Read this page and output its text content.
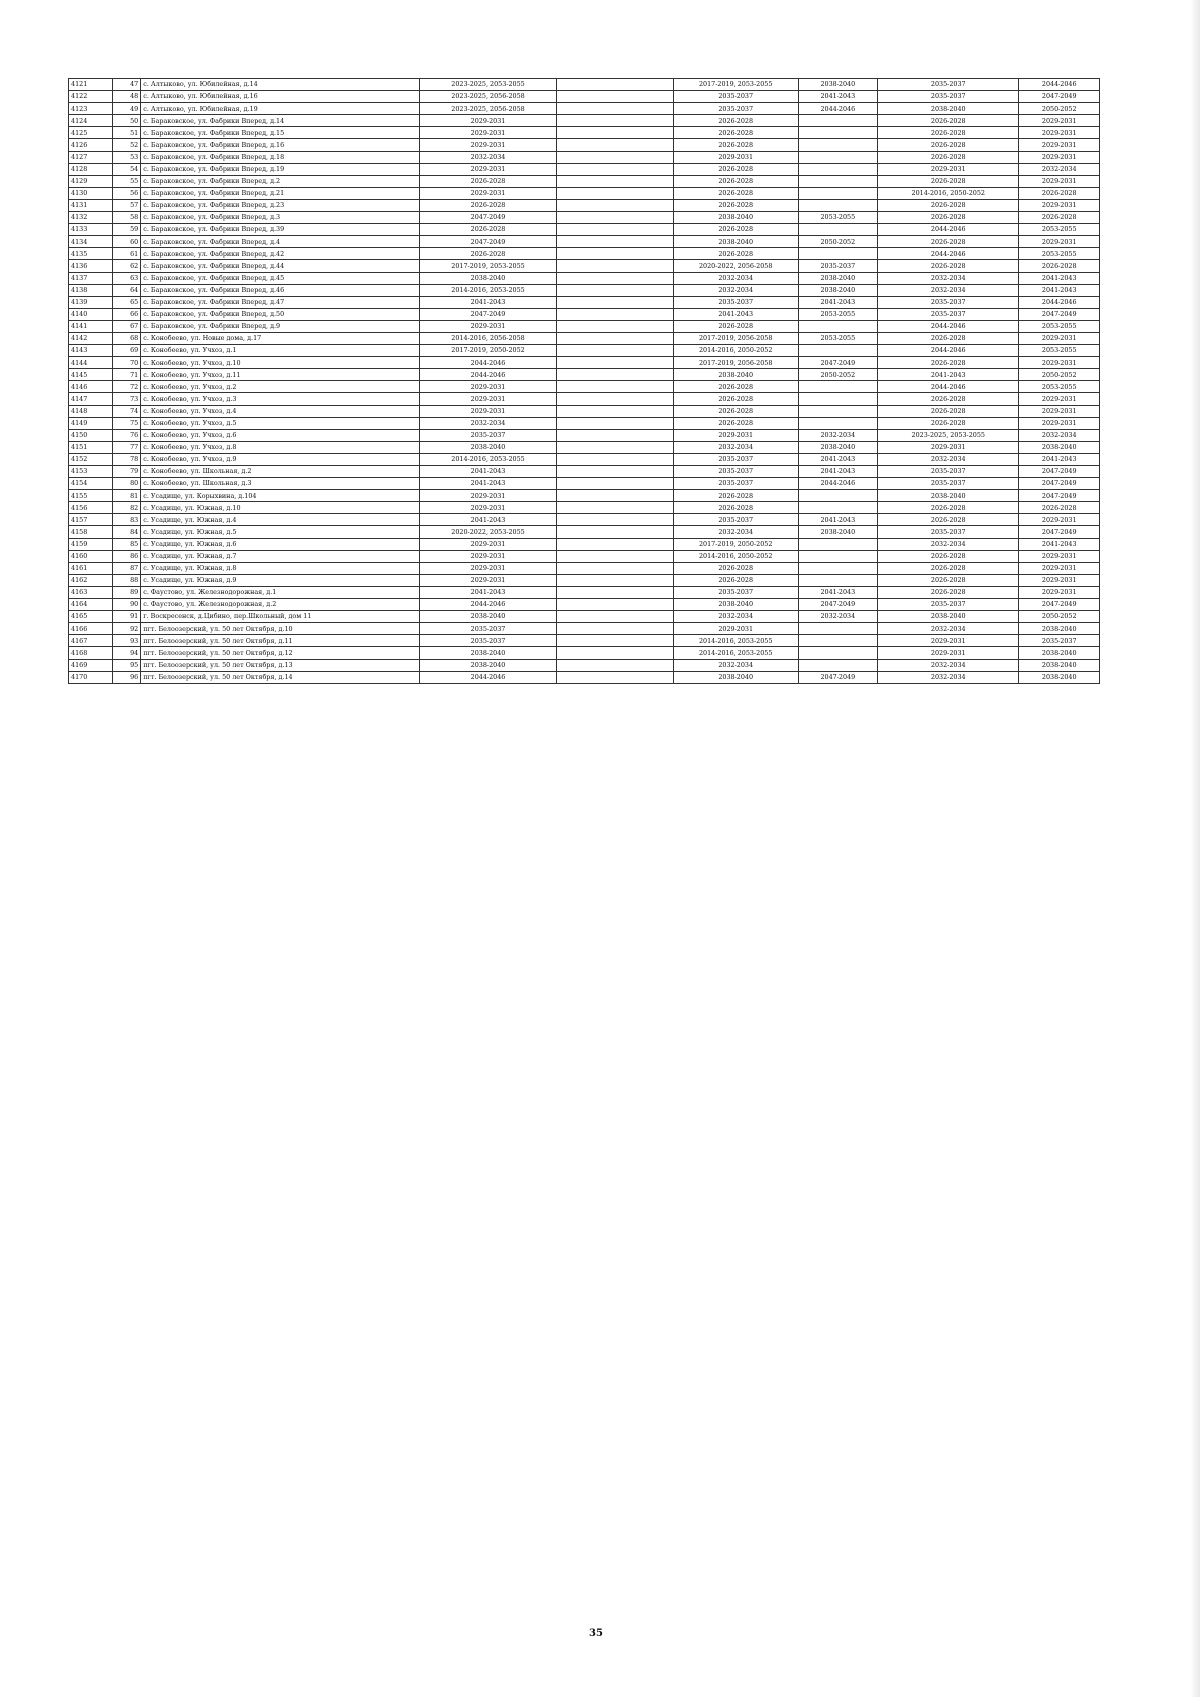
4121	47	с. Алтыково, ул. Юбилейная, д.14	2023-2025, 2053-2055		2017-2019, 2053-2055	2038-2040	2035-2037	2044-2046
4122	48	с. Алтыково, ул. Юбилейная, д.16	2023-2025, 2056-2058		2035-2037	2041-2043	2035-2037	2047-2049
4123	49	с. Алтыково, ул. Юбилейная, д.19	2023-2025, 2056-2058		2035-2037	2044-2046	2038-2040	2050-2052
4124	50	с. Бараковское, ул. Фабрики Вперед, д.14	2029-2031		2026-2028		2026-2028	2029-2031
4125	51	с. Бараковское, ул. Фабрики Вперед, д.15	2029-2031		2026-2028		2026-2028	2029-2031
4126	52	с. Бараковское, ул. Фабрики Вперед, д.16	2029-2031		2026-2028		2026-2028	2029-2031
4127	53	с. Бараковское, ул. Фабрики Вперед, д.18	2032-2034		2029-2031		2026-2028	2029-2031
4128	54	с. Бараковское, ул. Фабрики Вперед, д.19	2029-2031		2026-2028		2029-2031	2032-2034
4129	55	с. Бараковское, ул. Фабрики Вперед, д.2	2026-2028		2026-2028		2026-2028	2029-2031
4130	56	с. Бараковское, ул. Фабрики Вперед, д.21	2029-2031		2026-2028		2014-2016, 2050-2052	2026-2028
4131	57	с. Бараковское, ул. Фабрики Вперед, д.23	2026-2028		2026-2028		2026-2028	2029-2031
4132	58	с. Бараковское, ул. Фабрики Вперед, д.3	2047-2049		2038-2040	2053-2055	2026-2028	2026-2028
4133	59	с. Бараковское, ул. Фабрики Вперед, д.39	2026-2028		2026-2028		2044-2046	2053-2055
4134	60	с. Бараковское, ул. Фабрики Вперед, д.4	2047-2049		2038-2040	2050-2052	2026-2028	2029-2031
4135	61	с. Бараковское, ул. Фабрики Вперед, д.42	2026-2028		2026-2028		2044-2046	2053-2055
4136	62	с. Бараковское, ул. Фабрики Вперед, д.44	2017-2019, 2053-2055		2020-2022, 2056-2058	2035-2037	2026-2028	2026-2028
4137	63	с. Бараковское, ул. Фабрики Вперед, д.45	2038-2040		2032-2034	2038-2040	2032-2034	2041-2043
4138	64	с. Бараковское, ул. Фабрики Вперед, д.46	2014-2016, 2053-2055		2032-2034	2038-2040	2032-2034	2041-2043
4139	65	с. Бараковское, ул. Фабрики Вперед, д.47	2041-2043		2035-2037	2041-2043	2035-2037	2044-2046
4140	66	с. Бараковское, ул. Фабрики Вперед, д.50	2047-2049		2041-2043	2053-2055	2035-2037	2047-2049
4141	67	с. Бараковское, ул. Фабрики Вперед, д.9	2029-2031		2026-2028		2044-2046	2053-2055
4142	68	с. Конобеево, ул. Новые дома, д.17	2014-2016, 2056-2058		2017-2019, 2056-2058	2053-2055	2026-2028	2029-2031
4143	69	с. Конобеево, ул. Учхоз, д.1	2017-2019, 2050-2052		2014-2016, 2050-2052		2044-2046	2053-2055
4144	70	с. Конобеево, ул. Учхоз, д.10	2044-2046		2017-2019, 2056-2058	2047-2049	2026-2028	2029-2031
4145	71	с. Конобеево, ул. Учхоз, д.11	2044-2046		2038-2040	2050-2052	2041-2043	2050-2052
4146	72	с. Конобеево, ул. Учхоз, д.2	2029-2031		2026-2028		2044-2046	2053-2055
4147	73	с. Конобеево, ул. Учхоз, д.3	2029-2031		2026-2028		2026-2028	2029-2031
4148	74	с. Конобеево, ул. Учхоз, д.4	2029-2031		2026-2028		2026-2028	2029-2031
4149	75	с. Конобеево, ул. Учхоз, д.5	2032-2034		2026-2028		2026-2028	2029-2031
4150	76	с. Конобеево, ул. Учхоз, д.6	2035-2037		2029-2031	2032-2034	2023-2025, 2053-2055	2032-2034
4151	77	с. Конобеево, ул. Учхоз, д.8	2038-2040		2032-2034	2038-2040	2029-2031	2038-2040
4152	78	с. Конобеево, ул. Учхоз, д.9	2014-2016, 2053-2055		2035-2037	2041-2043	2032-2034	2041-2043
4153	79	с. Конобеево, ул. Школьная, д.2	2041-2043		2035-2037	2041-2043	2035-2037	2047-2049
4154	80	с. Конобеево, ул. Школьная, д.3	2041-2043		2035-2037	2044-2046	2035-2037	2047-2049
4155	81	с. Усадище, ул. Корыхвина, д.104	2029-2031		2026-2028		2038-2040	2047-2049
4156	82	с. Усадище, ул. Южная, д.10	2029-2031		2026-2028		2026-2028	2026-2028
4157	83	с. Усадище, ул. Южная, д.4	2041-2043		2035-2037	2041-2043	2026-2028	2029-2031
4158	84	с. Усадище, ул. Южная, д.5	2020-2022, 2053-2055		2032-2034	2038-2040	2035-2037	2047-2049
4159	85	с. Усадище, ул. Южная, д.6	2029-2031		2017-2019, 2050-2052		2032-2034	2041-2043
4160	86	с. Усадище, ул. Южная, д.7	2029-2031		2014-2016, 2050-2052		2026-2028	2029-2031
4161	87	с. Усадище, ул. Южная, д.8	2029-2031		2026-2028		2026-2028	2029-2031
4162	88	с. Усадище, ул. Южная, д.9	2029-2031		2026-2028		2026-2028	2029-2031
4163	89	с. Фаустово, ул. Железнодорожная, д.1	2041-2043		2035-2037	2041-2043	2026-2028	2029-2031
4164	90	с. Фаустово, ул. Железнодорожная, д.2	2044-2046		2038-2040	2047-2049	2035-2037	2047-2049
4165	91	г. Воскресенск, д.Цибино, пер.Школьный, дом 11	2038-2040		2032-2034	2032-2034	2038-2040	2050-2052
4166	92	пгт. Белоозерский, ул. 50 лет Октября, д.10	2035-2037		2029-2031		2032-2034	2038-2040
4167	93	пгт. Белоозерский, ул. 50 лет Октября, д.11	2035-2037		2014-2016, 2053-2055		2029-2031	2035-2037
4168	94	пгт. Белоозерский, ул. 50 лет Октября, д.12	2038-2040		2014-2016, 2053-2055		2029-2031	2038-2040
4169	95	пгт. Белоозерский, ул. 50 лет Октября, д.13	2038-2040		2032-2034		2032-2034	2038-2040
4170	96	пгт. Белоозерский, ул. 50 лет Октября, д.14	2044-2046		2038-2040	2047-2049	2032-2034	2038-2040
35
